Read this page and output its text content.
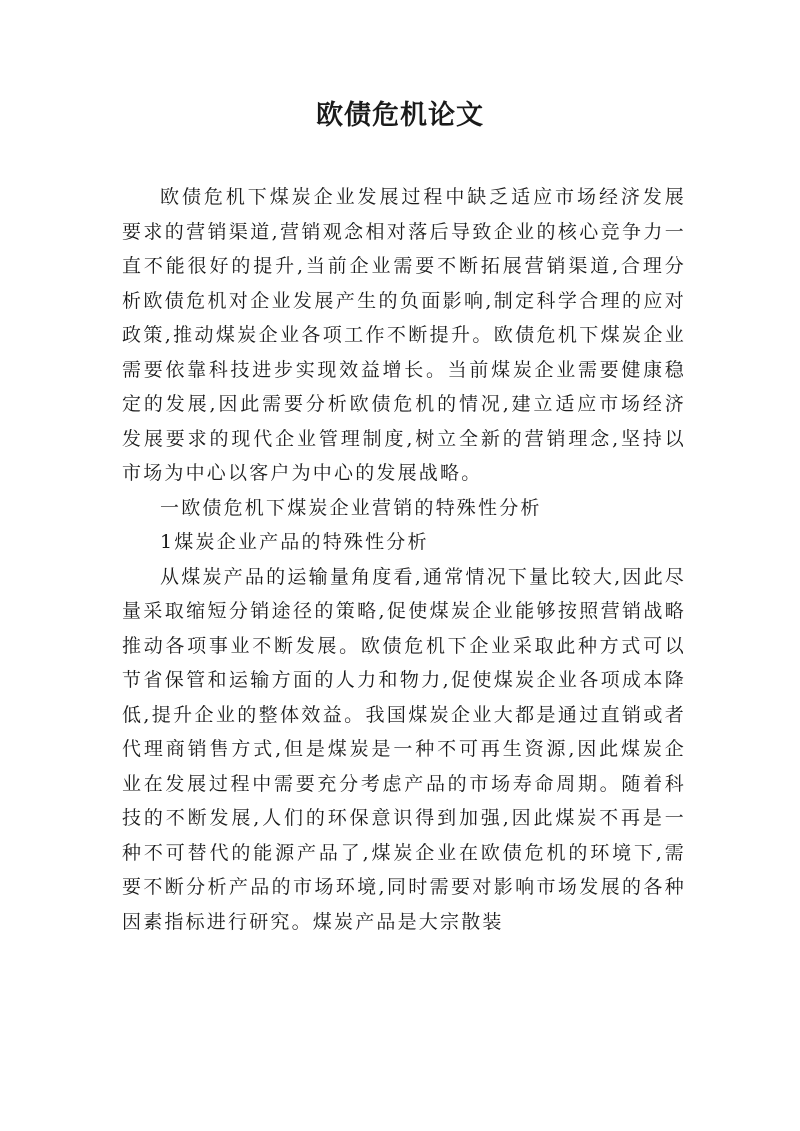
欧债危机论文

欧债危机下煤炭企业发展过程中缺乏适应市场经济发展要求的营销渠道,营销观念相对落后导致企业的核心竞争力一直不能很好的提升,当前企业需要不断拓展营销渠道,合理分析欧债危机对企业发展产生的负面影响,制定科学合理的应对政策,推动煤炭企业各项工作不断提升。欧债危机下煤炭企业需要依靠科技进步实现效益增长。当前煤炭企业需要健康稳定的发展,因此需要分析欧债危机的情况,建立适应市场经济发展要求的现代企业管理制度,树立全新的营销理念,坚持以市场为中心以客户为中心的发展战略。

一欧债危机下煤炭企业营销的特殊性分析

1煤炭企业产品的特殊性分析

从煤炭产品的运输量角度看,通常情况下量比较大,因此尽量采取缩短分销途径的策略,促使煤炭企业能够按照营销战略推动各项事业不断发展。欧债危机下企业采取此种方式可以节省保管和运输方面的人力和物力,促使煤炭企业各项成本降低,提升企业的整体效益。我国煤炭企业大都是通过直销或者代理商销售方式,但是煤炭是一种不可再生资源,因此煤炭企业在发展过程中需要充分考虑产品的市场寿命周期。随着科技的不断发展,人们的环保意识得到加强,因此煤炭不再是一种不可替代的能源产品了,煤炭企业在欧债危机的环境下,需要不断分析产品的市场环境,同时需要对影响市场发展的各种因素指标进行研究。煤炭产品是大宗散装
